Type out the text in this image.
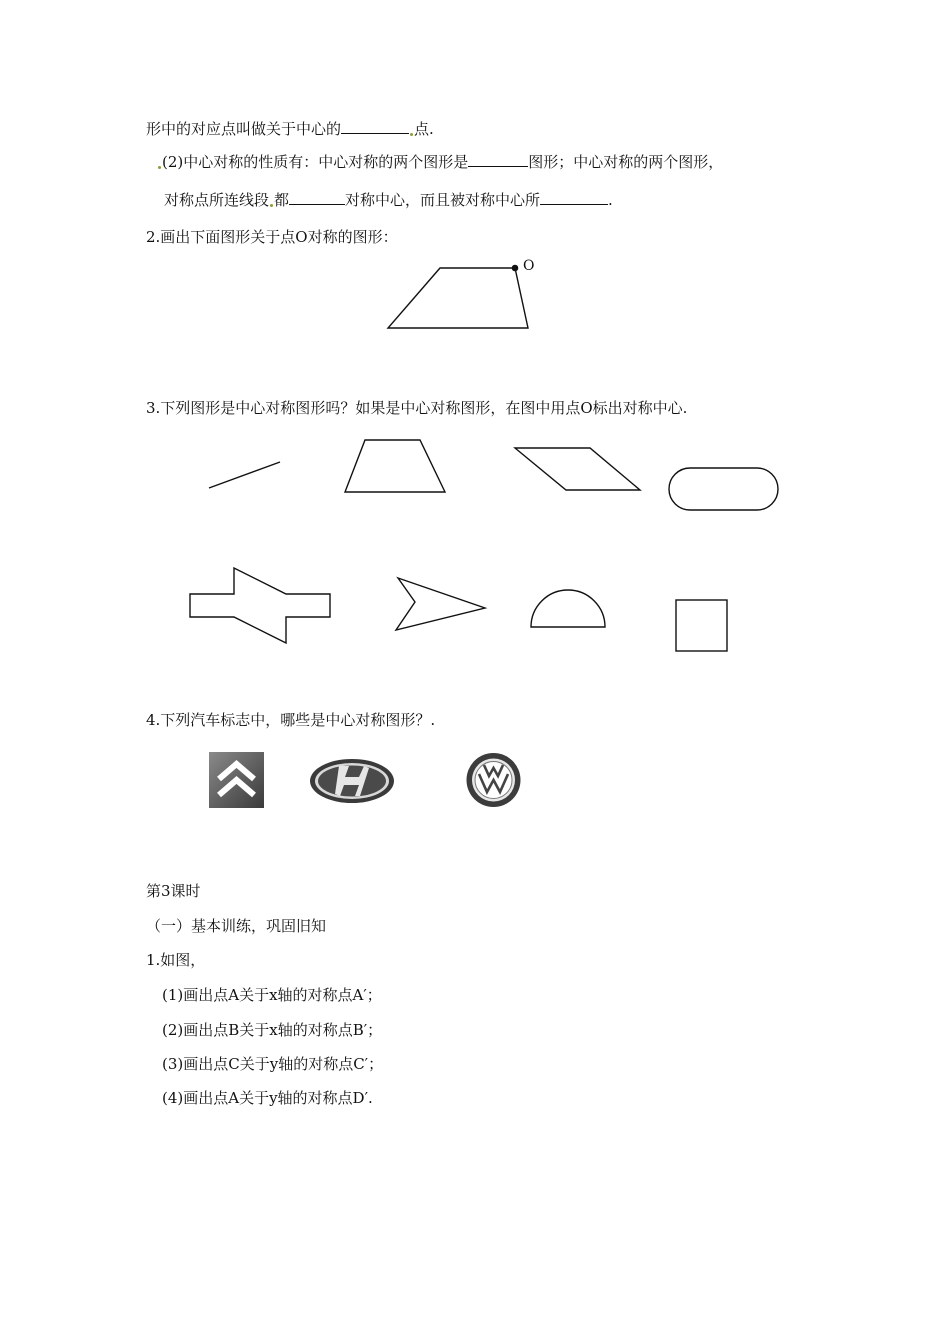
形中的对应点叫做关于中心的	点.
(2)中心对称的性质有：中心对称的两个图形是	图形；中心对称的两个图形，
对称点所连线段 都	对称中心，而且被对称中心所	.
2.画出下面图形关于点O对称的图形：
3.下列图形是中心对称图形吗？如果是中心对称图形，在图中用点O标出对称中心.
4.下列汽车标志中，哪些是中心对称图形？.
第3课时
（一）基本训练，巩固旧知
1.如图，
(1)画出点A关于x轴的对称点A′；
(2)画出点B关于x轴的对称点B′；
(3)画出点C关于y轴的对称点C′；
(4)画出点A关于y轴的对称点D′.
O
